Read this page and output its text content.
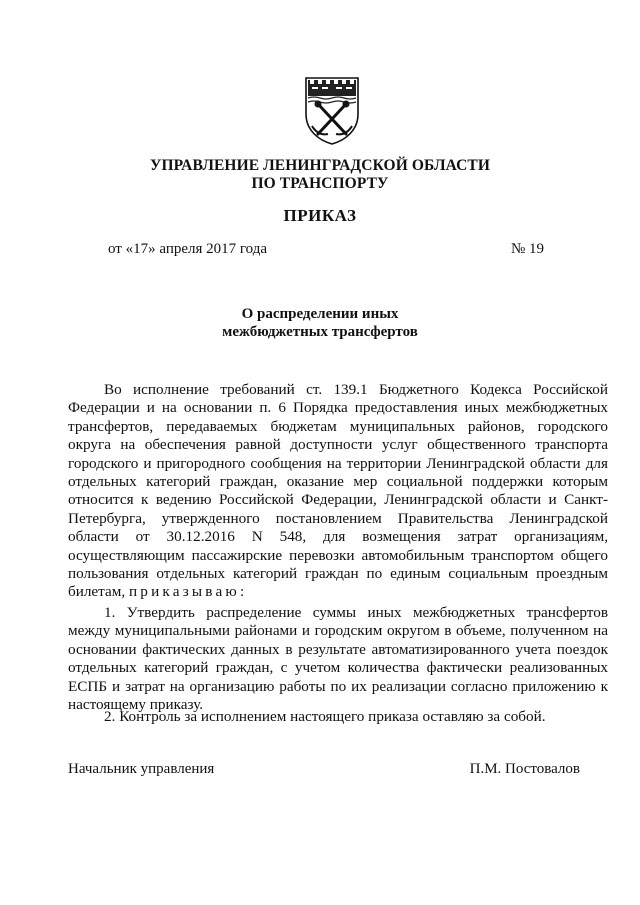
УПРАВЛЕНИЕ ЛЕНИНГРАДСКОЙ ОБЛАСТИ
ПО ТРАНСПОРТУ
ПРИКАЗ
от «17» апреля 2017 года	№ 19
О распределении иных
межбюджетных трансфертов

Во исполнение требований ст. 139.1 Бюджетного Кодекса Российской Федерации и на основании п. 6 Порядка предоставления иных межбюджетных трансфертов, передаваемых бюджетам муниципальных районов, городского округа на обеспечения равной доступности услуг общественного транспорта городского и пригородного сообщения на территории Ленинградской области для отдельных категорий граждан, оказание мер социальной поддержки которым относится к ведению Российской Федерации, Ленинградской области и Санкт-Петербурга, утвержденного постановлением Правительства Ленинградской области от 30.12.2016 N 548, для возмещения затрат организациям, осуществляющим пассажирские перевозки автомобильным транспортом общего пользования отдельных категорий граждан по единым социальным проездным билетам, приказываю:

1. Утвердить распределение суммы иных межбюджетных трансфертов между муниципальными районами и городским округом в объеме, полученном на основании фактических данных в результате автоматизированного учета поездок отдельных категорий граждан, с учетом количества фактически реализованных ЕСПБ и затрат на организацию работы по их реализации согласно приложению к настоящему приказу.

2. Контроль за исполнением настоящего приказа оставляю за собой.

Начальник управления	П.М. Постовалов
